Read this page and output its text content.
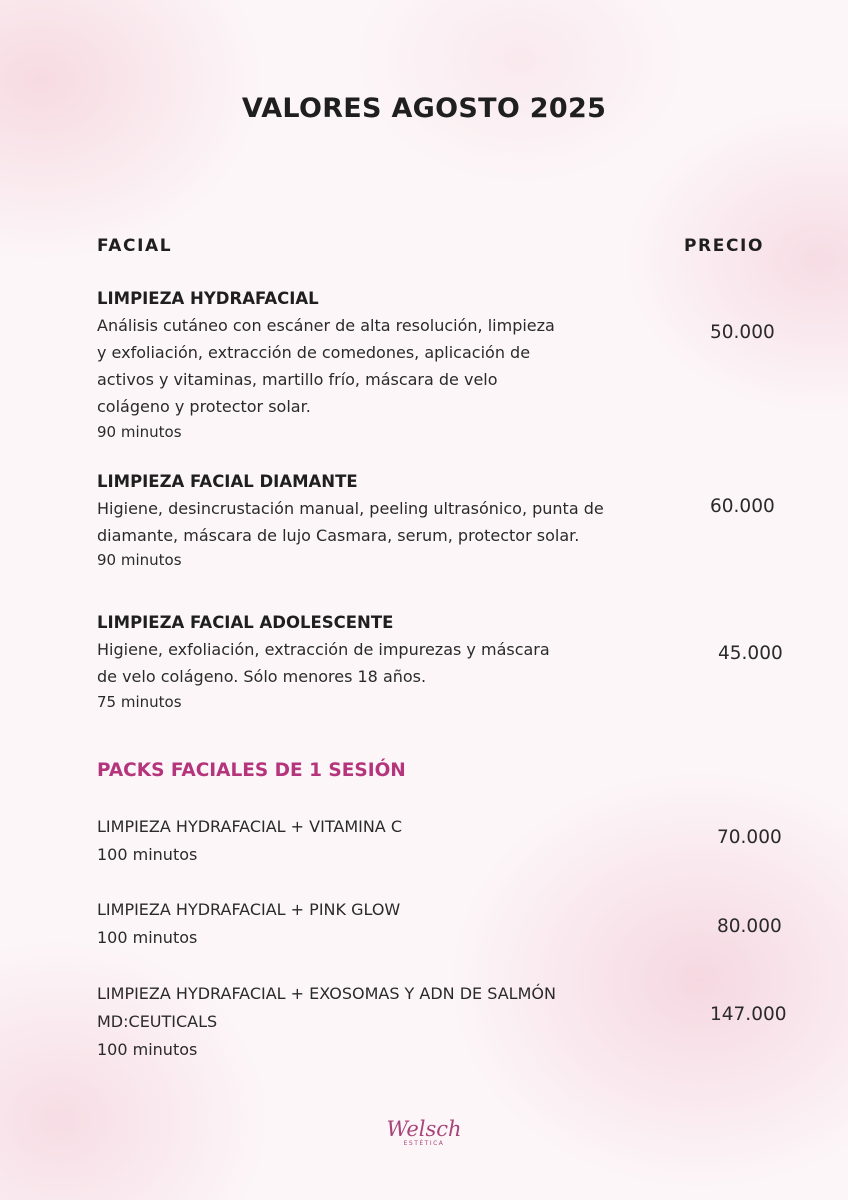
VALORES AGOSTO 2025
FACIAL	PRECIO
LIMPIEZA HYDRAFACIAL
Análisis cutáneo con escáner de alta resolución, limpieza
y exfoliación, extracción de comedones, aplicación de
activos y vitaminas, martillo frío, máscara de velo
colágeno y protector solar.
90 minutos
50.000
LIMPIEZA FACIAL DIAMANTE
Higiene, desincrustación manual, peeling ultrasónico, punta de
diamante, máscara de lujo Casmara, serum, protector solar.
90 minutos
60.000
LIMPIEZA FACIAL ADOLESCENTE
Higiene, exfoliación, extracción de impurezas y máscara
de velo colágeno. Sólo menores 18 años.
75 minutos
45.000
PACKS FACIALES DE 1 SESIÓN
LIMPIEZA HYDRAFACIAL + VITAMINA C
100 minutos
70.000
LIMPIEZA HYDRAFACIAL + PINK GLOW
100 minutos
80.000
LIMPIEZA HYDRAFACIAL + EXOSOMAS Y ADN DE SALMÓN
MD:CEUTICALS
100 minutos
147.000
Welsch
ESTÉTICA
